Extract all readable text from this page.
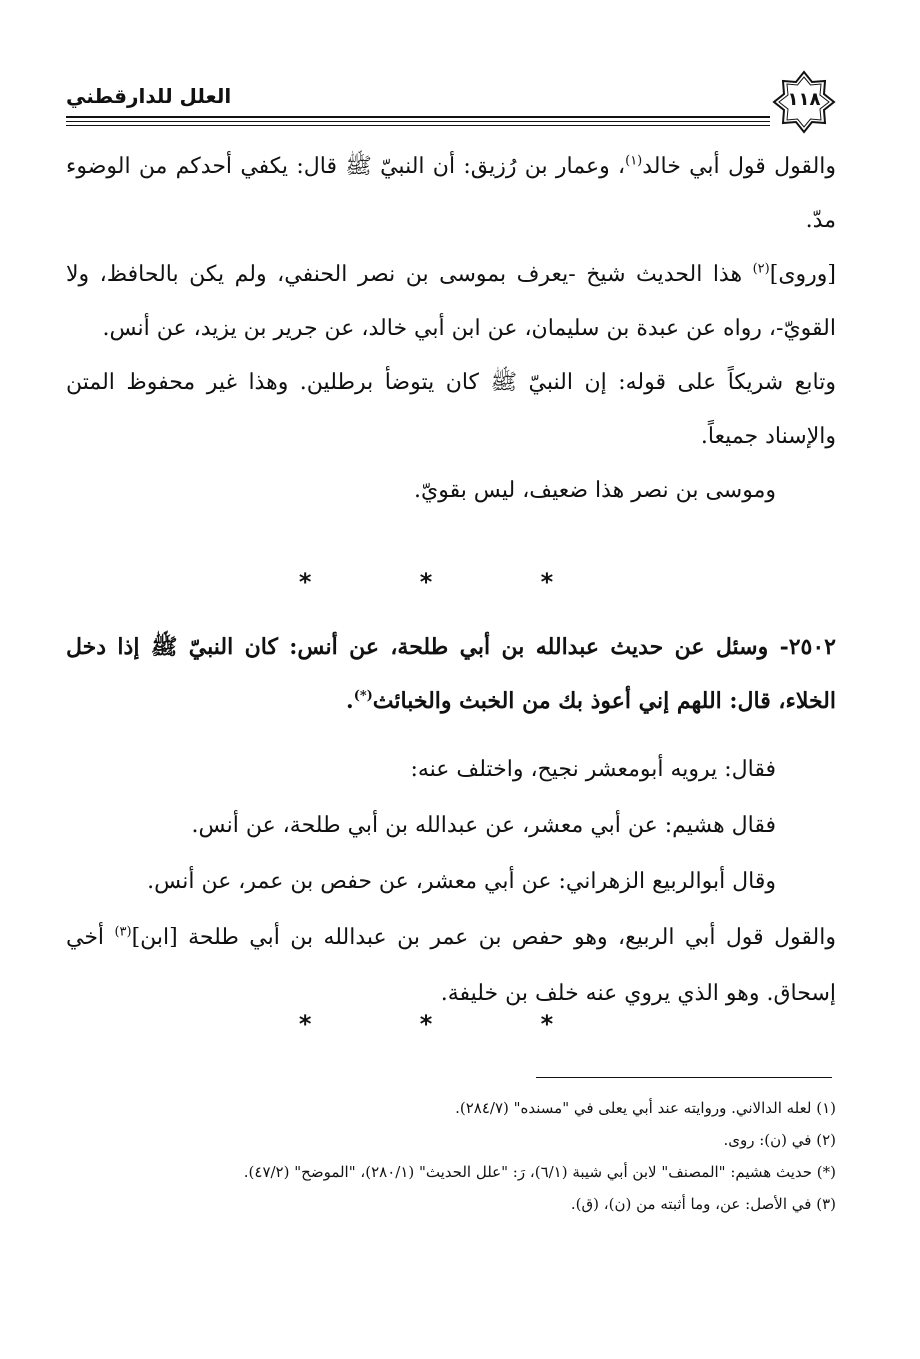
العلل للدارقطني	١١٨

والقول قول أبي خالد$^{(١)}$، وعمار بن رُزيق: أن النبيّ ﷺ قال: يكفي أحدكم من الوضوء مدّ.

[وروى]$^{(٢)}$ هذا الحديث شيخ -يعرف بموسى بن نصر الحنفي، ولم يكن بالحافظ، ولا القويّ-، رواه عن عبدة بن سليمان، عن ابن أبي خالد، عن جرير بن يزيد، عن أنس.

وتابع شريكاً على قوله: إن النبيّ ﷺ كان يتوضأ برطلين. وهذا غير محفوظ المتن والإسناد جميعاً.

وموسى بن نصر هذا ضعيف، ليس بقويّ.

* * *

٢٥٠٢- وسئل عن حديث عبدالله بن أبي طلحة، عن أنس: كان النبيّ ﷺ إذا دخل الخلاء، قال: اللهم إني أعوذ بك من الخبث والخبائث(*).

فقال: يرويه أبومعشر نجيح، واختلف عنه:

فقال هشيم: عن أبي معشر، عن عبدالله بن أبي طلحة، عن أنس.

وقال أبوالربيع الزهراني: عن أبي معشر، عن حفص بن عمر، عن أنس.

والقول قول أبي الربيع، وهو حفص بن عمر بن عبدالله بن أبي طلحة [ابن]$^{(٣)}$ أخي إسحاق. وهو الذي يروي عنه خلف بن خليفة.

* * *

(١) لعله الدالاني. وروايته عند أبي يعلى في "مسنده" (٢٨٤/٧).

(٢) في (ن): روى.

(*) حديث هشيم: "المصنف" لابن أبي شيبة (٦/١)، رَ: "علل الحديث" (٢٨٠/١)، "الموضح" (٤٧/٢).

(٣) في الأصل: عن، وما أثبته من (ن)، (ق).
